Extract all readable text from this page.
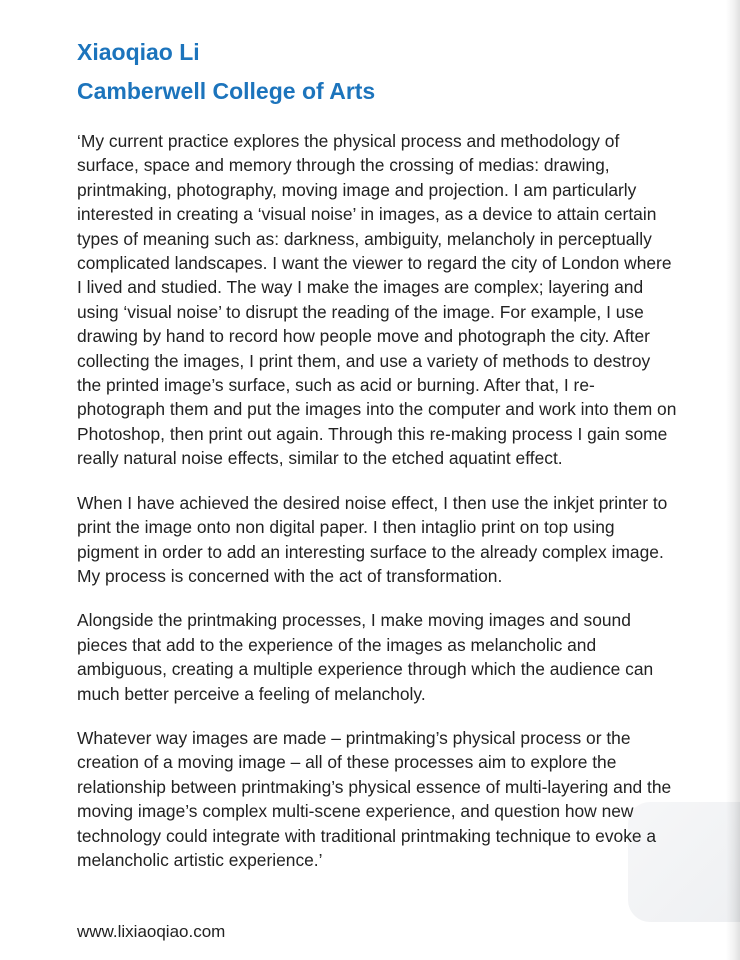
Xiaoqiao Li
Camberwell College of Arts

‘My current practice explores the physical process and methodology of surface, space and memory through the crossing of medias: drawing, printmaking, photography, moving image and projection. I am particularly interested in creating a ‘visual noise’ in images, as a device to attain certain types of meaning such as: darkness, ambiguity, melancholy in perceptually complicated landscapes. I want the viewer to regard the city of London where I lived and studied. The way I make the images are complex; layering and using ‘visual noise’ to disrupt the reading of the image. For example, I use drawing by hand to record how people move and photograph the city. After collecting the images, I print them, and use a variety of methods to destroy the printed image’s surface, such as acid or burning. After that, I re-photograph them and put the images into the computer and work into them on Photoshop, then print out again. Through this re-making process I gain some really natural noise effects, similar to the etched aquatint effect.

When I have achieved the desired noise effect, I then use the inkjet printer to print the image onto non digital paper. I then intaglio print on top using pigment in order to add an interesting surface to the already complex image. My process is concerned with the act of transformation.

Alongside the printmaking processes, I make moving images and sound pieces that add to the experience of the images as melancholic and ambiguous, creating a multiple experience through which the audience can much better perceive a feeling of melancholy.

Whatever way images are made – printmaking’s physical process or the creation of a moving image – all of these processes aim to explore the relationship between printmaking’s physical essence of multi-layering and the moving image’s complex multi-scene experience, and question how new technology could integrate with traditional printmaking technique to evoke a melancholic artistic experience.’

www.lixiaoqiao.com
